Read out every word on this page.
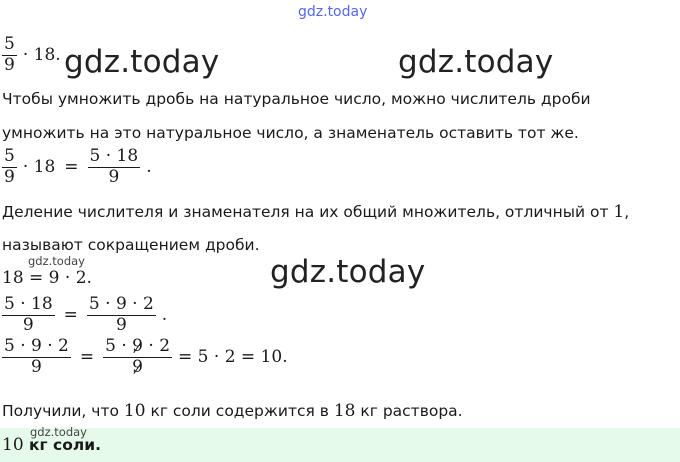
gdz.today
$\frac{5}{9} \cdot 18$. gdz.today	gdz.today
Чтобы умножить дробь на натуральное число, можно числитель дроби
умножить на это натуральное число, а знаменатель оставить тот же.
$\frac{5}{9} \cdot 18 = \frac{5 \cdot 18}{9}$ .
Деление числителя и знаменателя на их общий множитель, отличный от 1,
называют сокращением дроби.
gdz.today	gdz.today
18 = 9 · 2.
$\frac{5 \cdot 18}{9} = \frac{5 \cdot 9 \cdot 2}{9}$ .
$\frac{5 \cdot 9 \cdot 2}{9} = \frac{5 \cdot 9 \cdot 2}{9} = 5 \cdot 2 = 10$.
Получили, что 10 кг соли содержится в 18 кг раствора.
gdz.today
10 кг соли.
